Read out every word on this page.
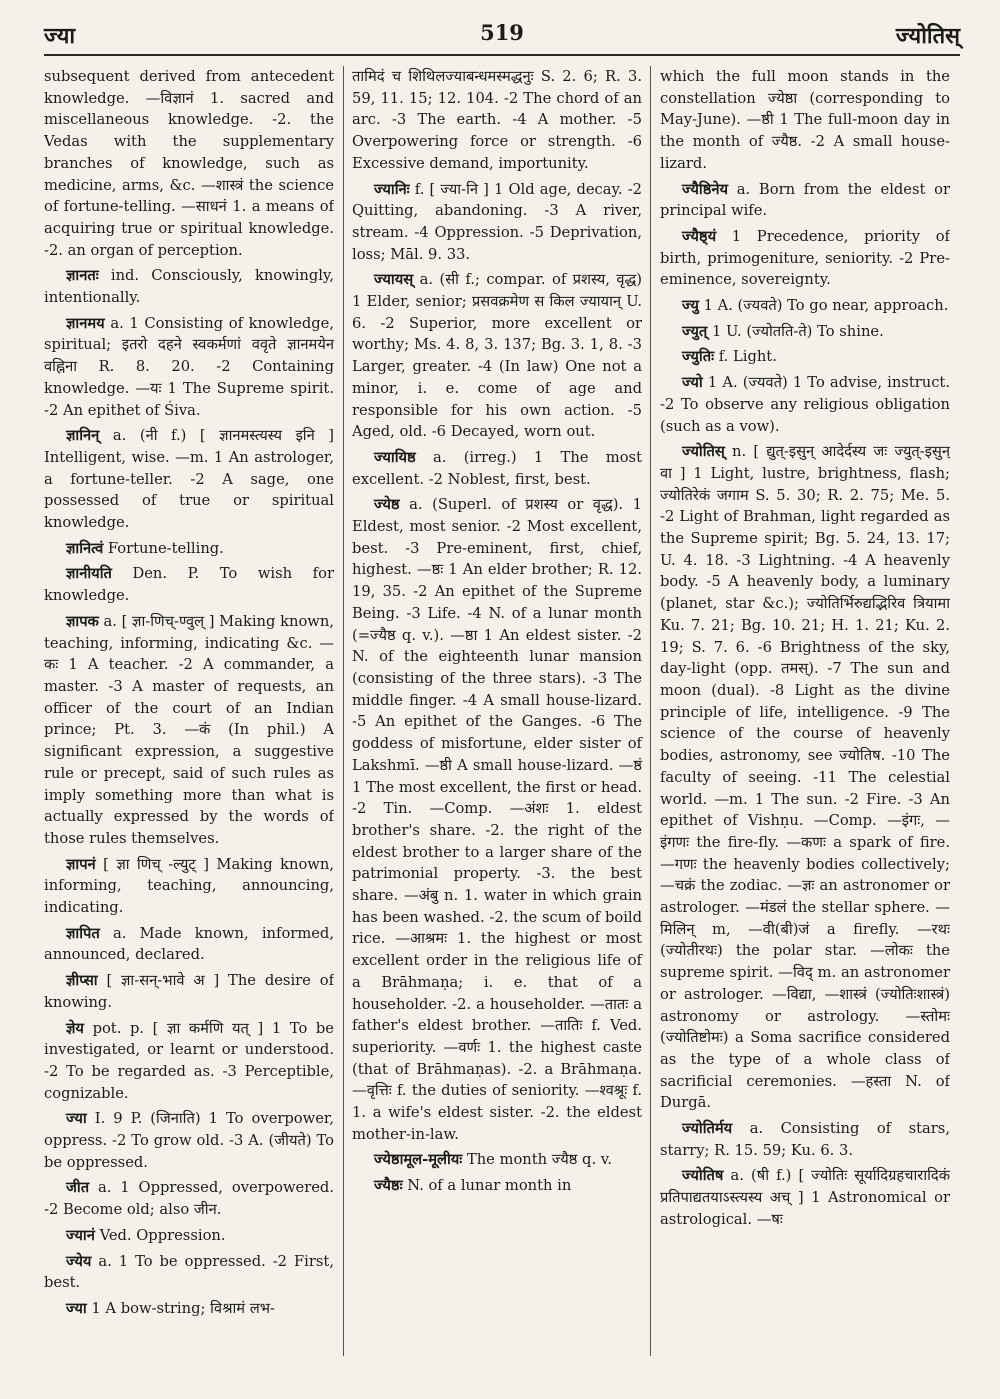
ज्या	519	ज्योतिस्

subsequent derived from antecedent knowledge. —विज्ञानं 1. sacred and miscellaneous knowledge. -2. the Vedas with the supplementary branches of knowledge, such as medicine, arms, &c. —शास्त्रं the science of fortune-telling. —साधनं 1. a means of acquiring true or spiritual knowledge. -2. an organ of perception.

ज्ञानतः ind. Consciously, knowingly, intentionally.

ज्ञानमय a. 1 Consisting of knowledge, spiritual; इतरो दहने स्वकर्मणां ववृते ज्ञानमयेन वह्निना R. 8. 20. -2 Containing knowledge. —यः 1 The Supreme spirit. -2 An epithet of Śiva.

ज्ञानिन् a. (नी f.) [ ज्ञानमस्त्यस्य इनि ] Intelligent, wise. —m. 1 An astrologer, a fortune-teller. -2 A sage, one possessed of true or spiritual knowledge.

ज्ञानित्वं Fortune-telling.

ज्ञानीयति Den. P. To wish for knowledge.

ज्ञापक a. [ ज्ञा-णिच्-ण्वुल् ] Making known, teaching, informing, indicating &c. —कः 1 A teacher. -2 A commander, a master. -3 A master of requests, an officer of the court of an Indian prince; Pt. 3. —कं (In phil.) A significant expression, a suggestive rule or precept, said of such rules as imply something more than what is actually expressed by the words of those rules themselves.

ज्ञापनं [ ज्ञा णिच् -ल्युट् ] Making known, informing, teaching, announcing, indicating.

ज्ञापित a. Made known, informed, announced, declared.

ज्ञीप्सा [ ज्ञा-सन्-भावे अ ] The desire of knowing.

ज्ञेय pot. p. [ ज्ञा कर्मणि यत् ] 1 To be investigated, or learnt or understood. -2 To be regarded as. -3 Perceptible, cognizable.

ज्या I. 9 P. (जिनाति) 1 To overpower, oppress. -2 To grow old. -3 A. (जीयते) To be oppressed.

जीत a. 1 Oppressed, overpowered. -2 Become old; also जीन.

ज्यानं Ved. Oppression.

ज्येय a. 1 To be oppressed. -2 First, best.

ज्या 1 A bow-string; विश्रामं लभ-

तामिदं च शिथिलज्याबन्धमस्मद्धनुः S. 2. 6; R. 3. 59, 11. 15; 12. 104. -2 The chord of an arc. -3 The earth. -4 A mother. -5 Overpowering force or strength. -6 Excessive demand, importunity.

ज्यानिः f. [ ज्या-नि ] 1 Old age, decay. -2 Quitting, abandoning. -3 A river, stream. -4 Oppression. -5 Deprivation, loss; Māl. 9. 33.

ज्यायस् a. (सी f.; compar. of प्रशस्य, वृद्ध) 1 Elder, senior; प्रसवक्रमेण स किल ज्यायान् U. 6. -2 Superior, more excellent or worthy; Ms. 4. 8, 3. 137; Bg. 3. 1, 8. -3 Larger, greater. -4 (In law) One not a minor, i. e. come of age and responsible for his own action. -5 Aged, old. -6 Decayed, worn out.

ज्यायिष्ठ a. (irreg.) 1 The most excellent. -2 Noblest, first, best.

ज्येष्ठ a. (Superl. of प्रशस्य or वृद्ध). 1 Eldest, most senior. -2 Most excellent, best. -3 Pre-eminent, first, chief, highest. —ष्ठः 1 An elder brother; R. 12. 19, 35. -2 An epithet of the Supreme Being. -3 Life. -4 N. of a lunar month (=ज्यैष्ठ q. v.). —ष्ठा 1 An eldest sister. -2 N. of the eighteenth lunar mansion (consisting of the three stars). -3 The middle finger. -4 A small house-lizard. -5 An epithet of the Ganges. -6 The goddess of misfortune, elder sister of Lakshmī. —ष्ठी A small house-lizard. —ष्ठं 1 The most excellent, the first or head. -2 Tin. —Comp. —अंशः 1. eldest brother's share. -2. the right of the eldest brother to a larger share of the patrimonial property. -3. the best share. —अंबु n. 1. water in which grain has been washed. -2. the scum of boild rice. —आश्रमः 1. the highest or most excellent order in the religious life of a Brāhmaṇa; i. e. that of a householder. -2. a householder. —तातः a father's eldest brother. —तातिः f. Ved. superiority. —वर्णः 1. the highest caste (that of Brāhmaṇas). -2. a Brāhmaṇa. —वृत्तिः f. the duties of seniority. —श्वश्रूः f. 1. a wife's eldest sister. -2. the eldest mother-in-law.

ज्येष्ठामूल-मूलीयः The month ज्यैष्ठ q. v.

ज्यैष्ठः N. of a lunar month in

which the full moon stands in the constellation ज्येष्ठा (corresponding to May-June). —ष्ठी 1 The full-moon day in the month of ज्यैष्ठ. -2 A small house-lizard.

ज्यैष्ठिनेय a. Born from the eldest or principal wife.

ज्यैष्ठ्यं 1 Precedence, priority of birth, primogeniture, seniority. -2 Pre-eminence, sovereignty.

ज्यु 1 A. (ज्यवते) To go near, approach.

ज्युत् 1 U. (ज्योतति-ते) To shine.

ज्युतिः f. Light.

ज्यो 1 A. (ज्यवते) 1 To advise, instruct. -2 To observe any religious obligation (such as a vow).

ज्योतिस् n. [ द्युत्-इसुन् आदेर्दस्य जः ज्युत्-इसुन् वा ] 1 Light, lustre, brightness, flash; ज्योतिरेकं जगाम S. 5. 30; R. 2. 75; Me. 5. -2 Light of Brahman, light regarded as the Supreme spirit; Bg. 5. 24, 13. 17; U. 4. 18. -3 Lightning. -4 A heavenly body. -5 A heavenly body, a luminary (planet, star &c.); ज्योतिर्भिरुद्यद्भिरिव त्रियामा Ku. 7. 21; Bg. 10. 21; H. 1. 21; Ku. 2. 19; S. 7. 6. -6 Brightness of the sky, day-light (opp. तमस्). -7 The sun and moon (dual). -8 Light as the divine principle of life, intelligence. -9 The science of the course of heavenly bodies, astronomy, see ज्योतिष. -10 The faculty of seeing. -11 The celestial world. —m. 1 The sun. -2 Fire. -3 An epithet of Vishṇu. —Comp. —इंगः, —इंगणः the fire-fly. —कणः a spark of fire. —गणः the heavenly bodies collectively; —चक्रं the zodiac. —ज्ञः an astronomer or astrologer. —मंडलं the stellar sphere. — मिलिन् m, —वी(बी)जं a firefly. —रथः (ज्योतीरथः) the polar star. —लोकः the supreme spirit. —विद् m. an astronomer or astrologer. —विद्या, —शास्त्रं (ज्योतिःशास्त्रं) astronomy or astrology. —स्तोमः (ज्योतिष्टोमः) a Soma sacrifice considered as the type of a whole class of sacrificial ceremonies. —हस्ता N. of Durgā.

ज्योतिर्मय a. Consisting of stars, starry; R. 15. 59; Ku. 6. 3.

ज्योतिष a. (षी f.) [ ज्योतिः सूर्यादिग्रहचारादिकं प्रतिपाद्यतयाऽस्त्यस्य अच् ] 1 Astronomical or astrological. —षः
